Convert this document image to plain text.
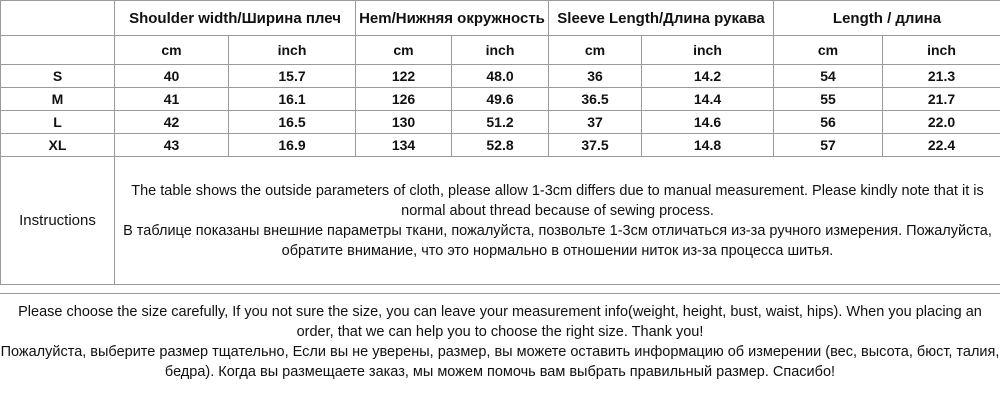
	Shoulder width/Ширина плеч		Hem/Нижняя окружность		Sleeve Length/Длина рукава		Length / длина	
	cm	inch	cm	inch	cm	inch	cm	inch
S	40	15.7	122	48.0	36	14.2	54	21.3
M	41	16.1	126	49.6	36.5	14.4	55	21.7
L	42	16.5	130	51.2	37	14.6	56	22.0
XL	43	16.9	134	52.8	37.5	14.8	57	22.4
Instructions	The table shows the outside parameters of cloth, please allow 1-3cm differs due to manual measurement. Please kindly note that it is normal about thread because of sewing process.

В таблице показаны внешние параметры ткани, пожалуйста, позвольте 1-3см отличаться из-за ручного измерения. Пожалуйста, обратите внимание, что это нормально в отношении ниток из-за процесса шитья.							

Please choose the size carefully, If you not sure the size, you can leave your measurement info(weight, height, bust, waist, hips). When you placing an order, that we can help you to choose the right size. Thank you!

Пожалуйста, выберите размер тщательно, Если вы не уверены, размер, вы можете оставить информацию об измерении (вес, высота, бюст, талия, бедра). Когда вы размещаете заказ, мы можем помочь вам выбрать правильный размер. Спасибо!
